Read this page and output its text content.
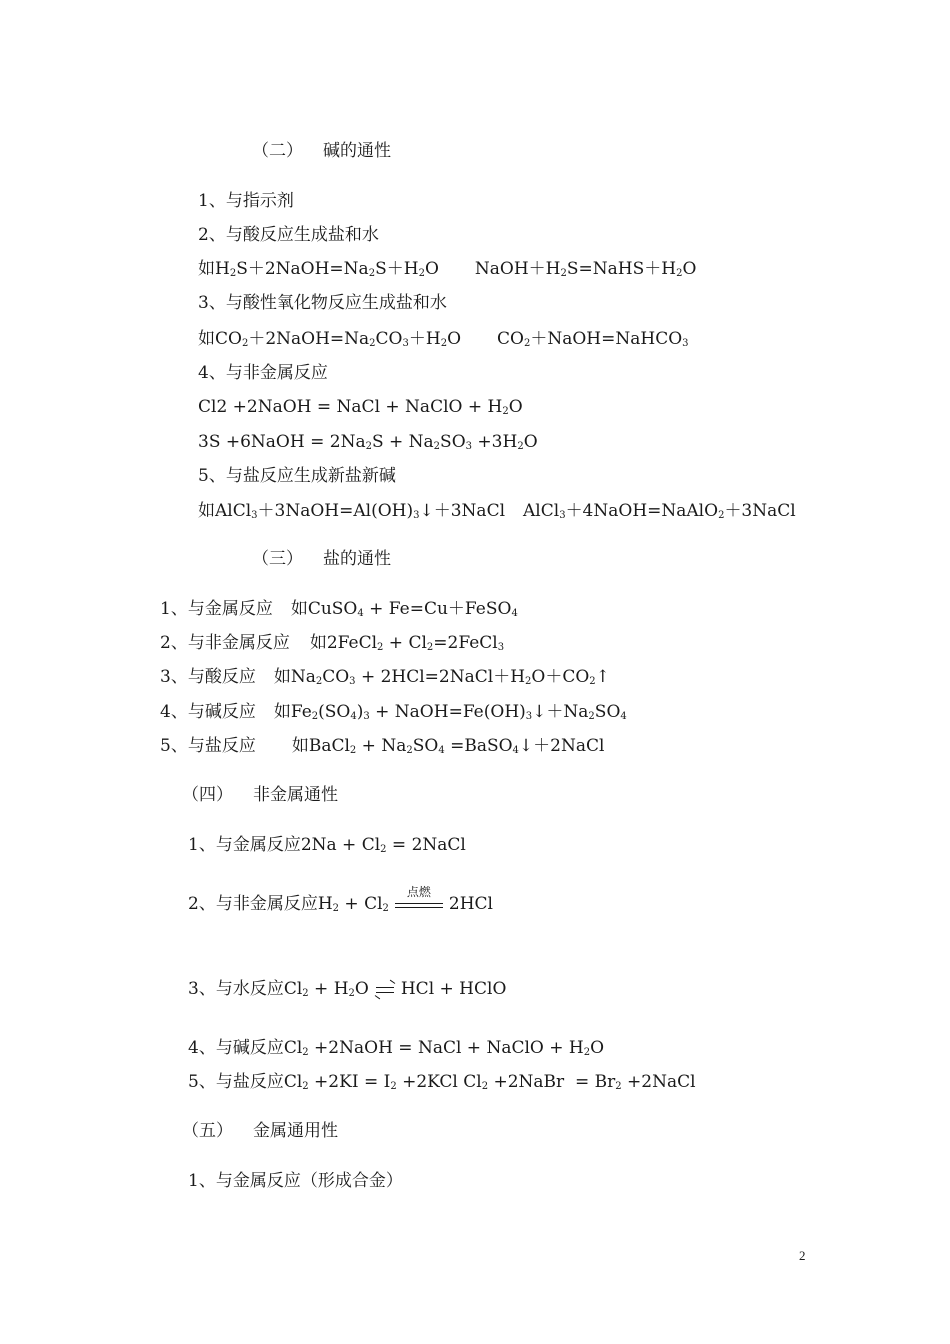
（二） 碱的通性
1、与指示剂
2、与酸反应生成盐和水
如$H_2S+2NaOH=Na_2S+H_2O$ $NaOH+H_2S=NaHS+H_2O$
3、与酸性氧化物反应生成盐和水
如$CO_2+2NaOH=Na_2CO_3+H_2O$ $CO_2+NaOH=NaHCO_3$
4、与非金属反应
Cl2 +2NaOH = NaCl + NaClO + $H_2O$
3S +6NaOH = $2Na_2S + Na_2SO_3 +3H_2O$
5、与盐反应生成新盐新碱
如$AlCl_3+3NaOH=Al(OH)_3↓+3NaCl$ AlCl$_3$＋4NaOH=NaAlO$_2$＋3NaCl
（三） 盐的通性
1、与金属反应 如CuSO$_4$ + Fe=Cu＋FeSO$_4$
2、与非金属反应 如2FeCl$_2$ + $Cl_2=2FeCl_3$
3、与酸反应 如$Na_2CO_3$ + $2HCl=2NaCl+H_2O+CO_2↑$
4、与碱反应 如$Fe_2(SO_4)_3$ + $NaOH=Fe(OH)_3↓+Na_2SO_4$
5、与盐反应 如BaCl$_2$ + $Na_2SO_4$ =BaSO$_4$↓＋2NaCl
（四） 非金属通性
1、与金属反应$2Na + Cl_2$ = 2NaCl
2、与非金属反应$H_2 + Cl_2$
点燃
2HCl
3、与水反应$Cl_2 + H_2O$ HCl + HClO
4、与碱反应$Cl_2$ +2NaOH = NaCl + NaClO + $H_2O$
5、与盐反应$Cl_2 +2KI = I_2 +2KCl$ $Cl_2$ +2NaBr  = $Br_2$ +2NaCl
（五） 金属通用性
1、与金属反应（形成合金）
2
